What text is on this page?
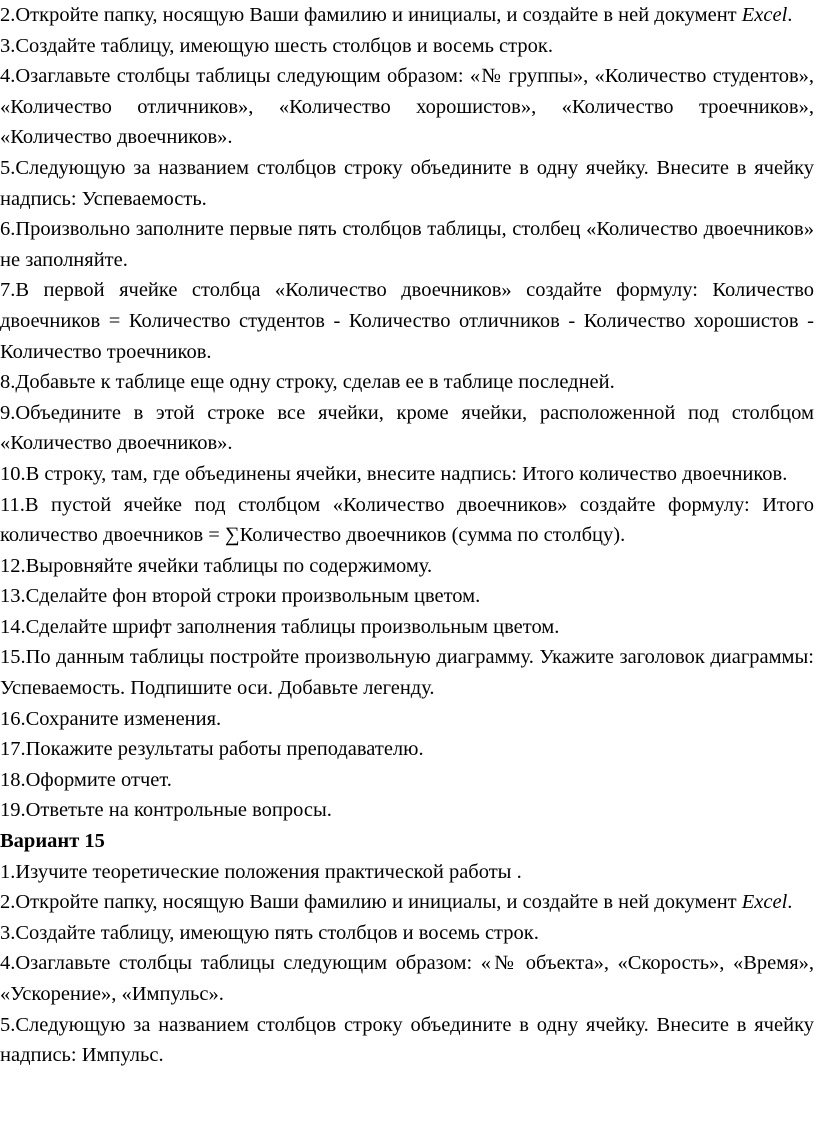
2.Откройте папку, носящую Ваши фамилию и инициалы, и создайте в ней документ Excel.

3.Создайте таблицу, имеющую шесть столбцов и восемь строк.

4.Озаглавьте столбцы таблицы следующим образом: «№ группы», «Количество студентов», «Количество отличников», «Количество хорошистов», «Количество троечников», «Количество двоечников».

5.Следующую за названием столбцов строку объедините в одну ячейку. Внесите в ячейку надпись: Успеваемость.

6.Произвольно заполните первые пять столбцов таблицы, столбец «Количество двоечников» не заполняйте.

7.В первой ячейке столбца «Количество двоечников» создайте формулу: Количество двоечников = Количество студентов - Количество отличников - Количество хорошистов - Количество троечников.

8.Добавьте к таблице еще одну строку, сделав ее в таблице последней.

9.Объедините в этой строке все ячейки, кроме ячейки, расположенной под столбцом «Количество двоечников».

10.В строку, там, где объединены ячейки, внесите надпись: Итого количество двоечников.

11.В пустой ячейке под столбцом «Количество двоечников» создайте формулу: Итого количество двоечников = ∑Количество двоечников (сумма по столбцу).

12.Выровняйте ячейки таблицы по содержимому.

13.Сделайте фон второй строки произвольным цветом.

14.Сделайте шрифт заполнения таблицы произвольным цветом.

15.По данным таблицы постройте произвольную диаграмму. Укажите заголовок диаграммы: Успеваемость. Подпишите оси. Добавьте легенду.

16.Сохраните изменения.

17.Покажите результаты работы преподавателю.

18.Оформите отчет.

19.Ответьте на контрольные вопросы.

Вариант 15

1.Изучите теоретические положения практической работы .

2.Откройте папку, носящую Ваши фамилию и инициалы, и создайте в ней документ Excel.

3.Создайте таблицу, имеющую пять столбцов и восемь строк.

4.Озаглавьте столбцы таблицы следующим образом: «№ объекта», «Скорость», «Время», «Ускорение», «Импульс».

5.Следующую за названием столбцов строку объедините в одну ячейку. Внесите в ячейку надпись: Импульс.
